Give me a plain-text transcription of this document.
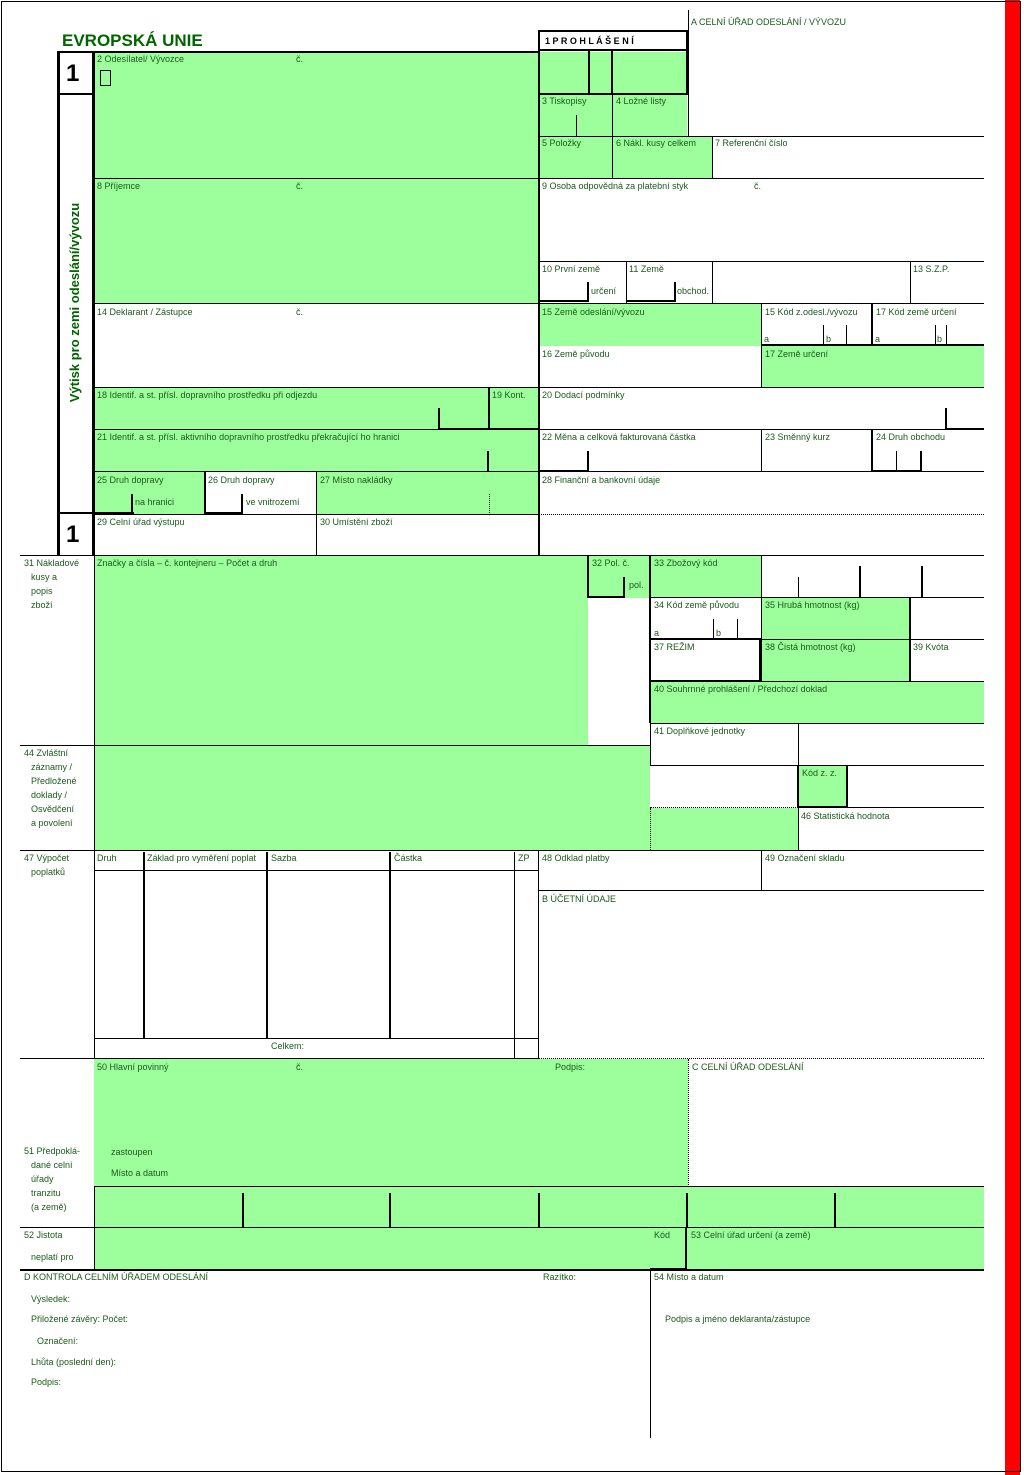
EVROPSKÁ UNIE
1
1
Výtisk pro zemi odeslání/vývozu
A CELNÍ ÚŘAD ODESLÁNÍ / VÝVOZU
1 P R O H L Á Š E N Í
2 Odesílatel/ Vývozce	č.
3 Tiskopisy	4 Ložné listy
5 Položky	6 Nákl. kusy celkem 7 Referenční číslo
8 Příjemce	č.	9 Osoba odpovědná za platební styk	č.
10 První země
určení
11 Země
obchod.
13 S.Z.P.
14 Deklarant / Zástupce	č.	15 Země odeslání/vývozu	15 Kód z.odesl./vývozu 17 Kód země určení
a	b	a	b
16 Země původu	17 Země určení
18 Identif. a st. přísl. dopravního prostředku při odjezdu	19 Kont. 20 Dodací podmínky
21 Identif. a st. přísl. aktivního dopravního prostředku překračující ho hranici	22 Měna a celková fakturovaná částka	23 Směnný kurz	24 Druh obchodu
25 Druh dopravy
na hranici
26 Druh dopravy
ve vnitrozemí
27 Místo nakládky	28 Finanční a bankovní údaje
29 Celní úřad výstupu	30 Umístění zboží
31 Nákladové
kusy a
popis
zboží
Značky a čísla – č. kontejneru – Počet a druh	32 Pol. č.
pol.
33 Zbožový kód
34 Kód země původu
a	b
35 Hrubá hmotnost (kg)
37 REŽIM	38 Čistá hmotnost (kg)	39 Kvóta
40 Souhrnné prohlášení / Předchozí doklad
41 Doplňkové jednotky
44 Zvláštní
záznamy /
Předložené
doklady /
Osvědčení
a povolení
Kód z. z.
46 Statistická hodnota
47 Výpočet
poplatků
Druh	Základ pro vyměření poplat Sazba	Částka	ZP 48 Odklad platby	49 Označení skladu
B ÚČETNÍ ÚDAJE
Celkem:
50 Hlavní povinný	č.	Podpis:	C CELNÍ ÚŘAD ODESLÁNÍ
51 Předpoklá-
dané celní
úřady
tranzitu
(a země)
zastoupen
Místo a datum
52 Jistota
neplatí pro
Kód 53 Celní úřad určení (a země)
D KONTROLA CELNÍM ÚŘADEM ODESLÁNÍ	Razítko:	54 Místo a datum
Výsledek:
Přiložené závěry: Počet:
Označení:
Lhůta (poslední den):
Podpis:
Podpis a jméno deklaranta/zástupce
